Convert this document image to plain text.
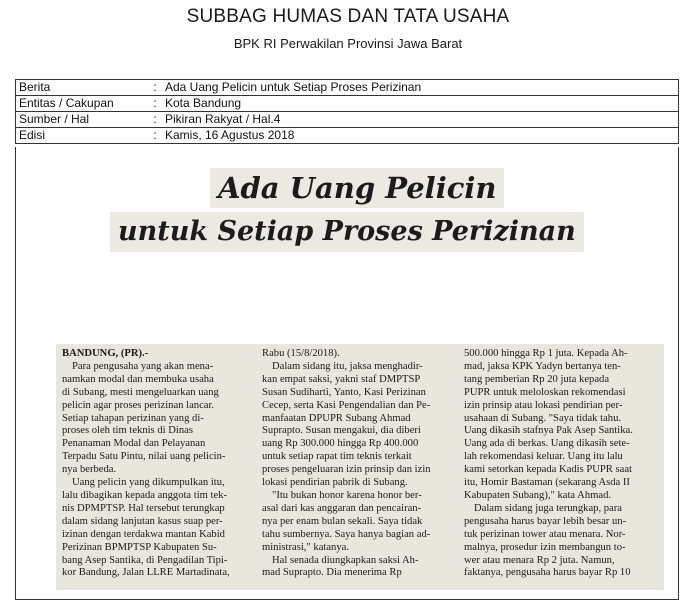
SUBBAG HUMAS DAN TATA USAHA
BPK RI Perwakilan Provinsi Jawa Barat
Berita	:	Ada Uang Pelicin untuk Setiap Proses Perizinan
Entitas / Cakupan	:	Kota Bandung
Sumber / Hal	:	Pikiran Rakyat / Hal.4
Edisi	:	Kamis, 16 Agustus 2018
Ada Uang Pelicin
untuk Setiap Proses Perizinan

BANDUNG, (PR).-

Para pengusaha yang akan mena-
namkan modal dan membuka usaha
di Subang, mesti mengeluarkan uang
pelicin agar proses perizinan lancar.
Setiap tahapan perizinan yang di-
proses oleh tim teknis di Dinas
Penanaman Modal dan Pelayanan
Terpadu Satu Pintu, nilai uang pelicin-
nya berbeda.

Uang pelicin yang dikumpulkan itu,
lalu dibagikan kepada anggota tim tek-
nis DPMPTSP. Hal tersebut terungkap
dalam sidang lanjutan kasus suap per-
izinan dengan terdakwa mantan Kabid
Perizinan BPMPTSP Kabupaten Su-
bang Asep Santika, di Pengadilan Tipi-
kor Bandung, Jalan LLRE Martadinata,

Rabu (15/8/2018).

Dalam sidang itu, jaksa menghadir-
kan empat saksi, yakni staf DMPTSP
Susan Sudiharti, Yanto, Kasi Perizinan
Cecep, serta Kasi Pengendalian dan Pe-
manfaatan DPUPR Subang Ahmad
Suprapto. Susan mengakui, dia diberi
uang Rp 300.000 hingga Rp 400.000
untuk setiap rapat tim teknis terkait
proses pengeluaran izin prinsip dan izin
lokasi pendirian pabrik di Subang.

"Itu bukan honor karena honor ber-
asal dari kas anggaran dan pencairan-
nya per enam bulan sekali. Saya tidak
tahu sumbernya. Saya hanya bagian ad-
ministrasi," katanya.

Hal senada diungkapkan saksi Ah-
mad Suprapto. Dia menerima Rp

500.000 hingga Rp 1 juta. Kepada Ah-
mad, jaksa KPK Yadyn bertanya ten-
tang pemberian Rp 20 juta kepada
PUPR untuk meloloskan rekomendasi
izin prinsip atau lokasi pendirian per-
usahaan di Subang. "Saya tidak tahu.
Uang dikasih stafnya Pak Asep Santika.
Uang ada di berkas. Uang dikasih sete-
lah rekomendasi keluar. Uang itu lalu
kami setorkan kepada Kadis PUPR saat
itu, Homir Bastaman (sekarang Asda II
Kabupaten Subang)," kata Ahmad.

Dalam sidang juga terungkap, para
pengusaha harus bayar lebih besar un-
tuk perizinan tower atau menara. Nor-
malnya, prosedur izin membangun to-
wer atau menara Rp 2 juta. Namun,
faktanya, pengusaha harus bayar Rp 10
